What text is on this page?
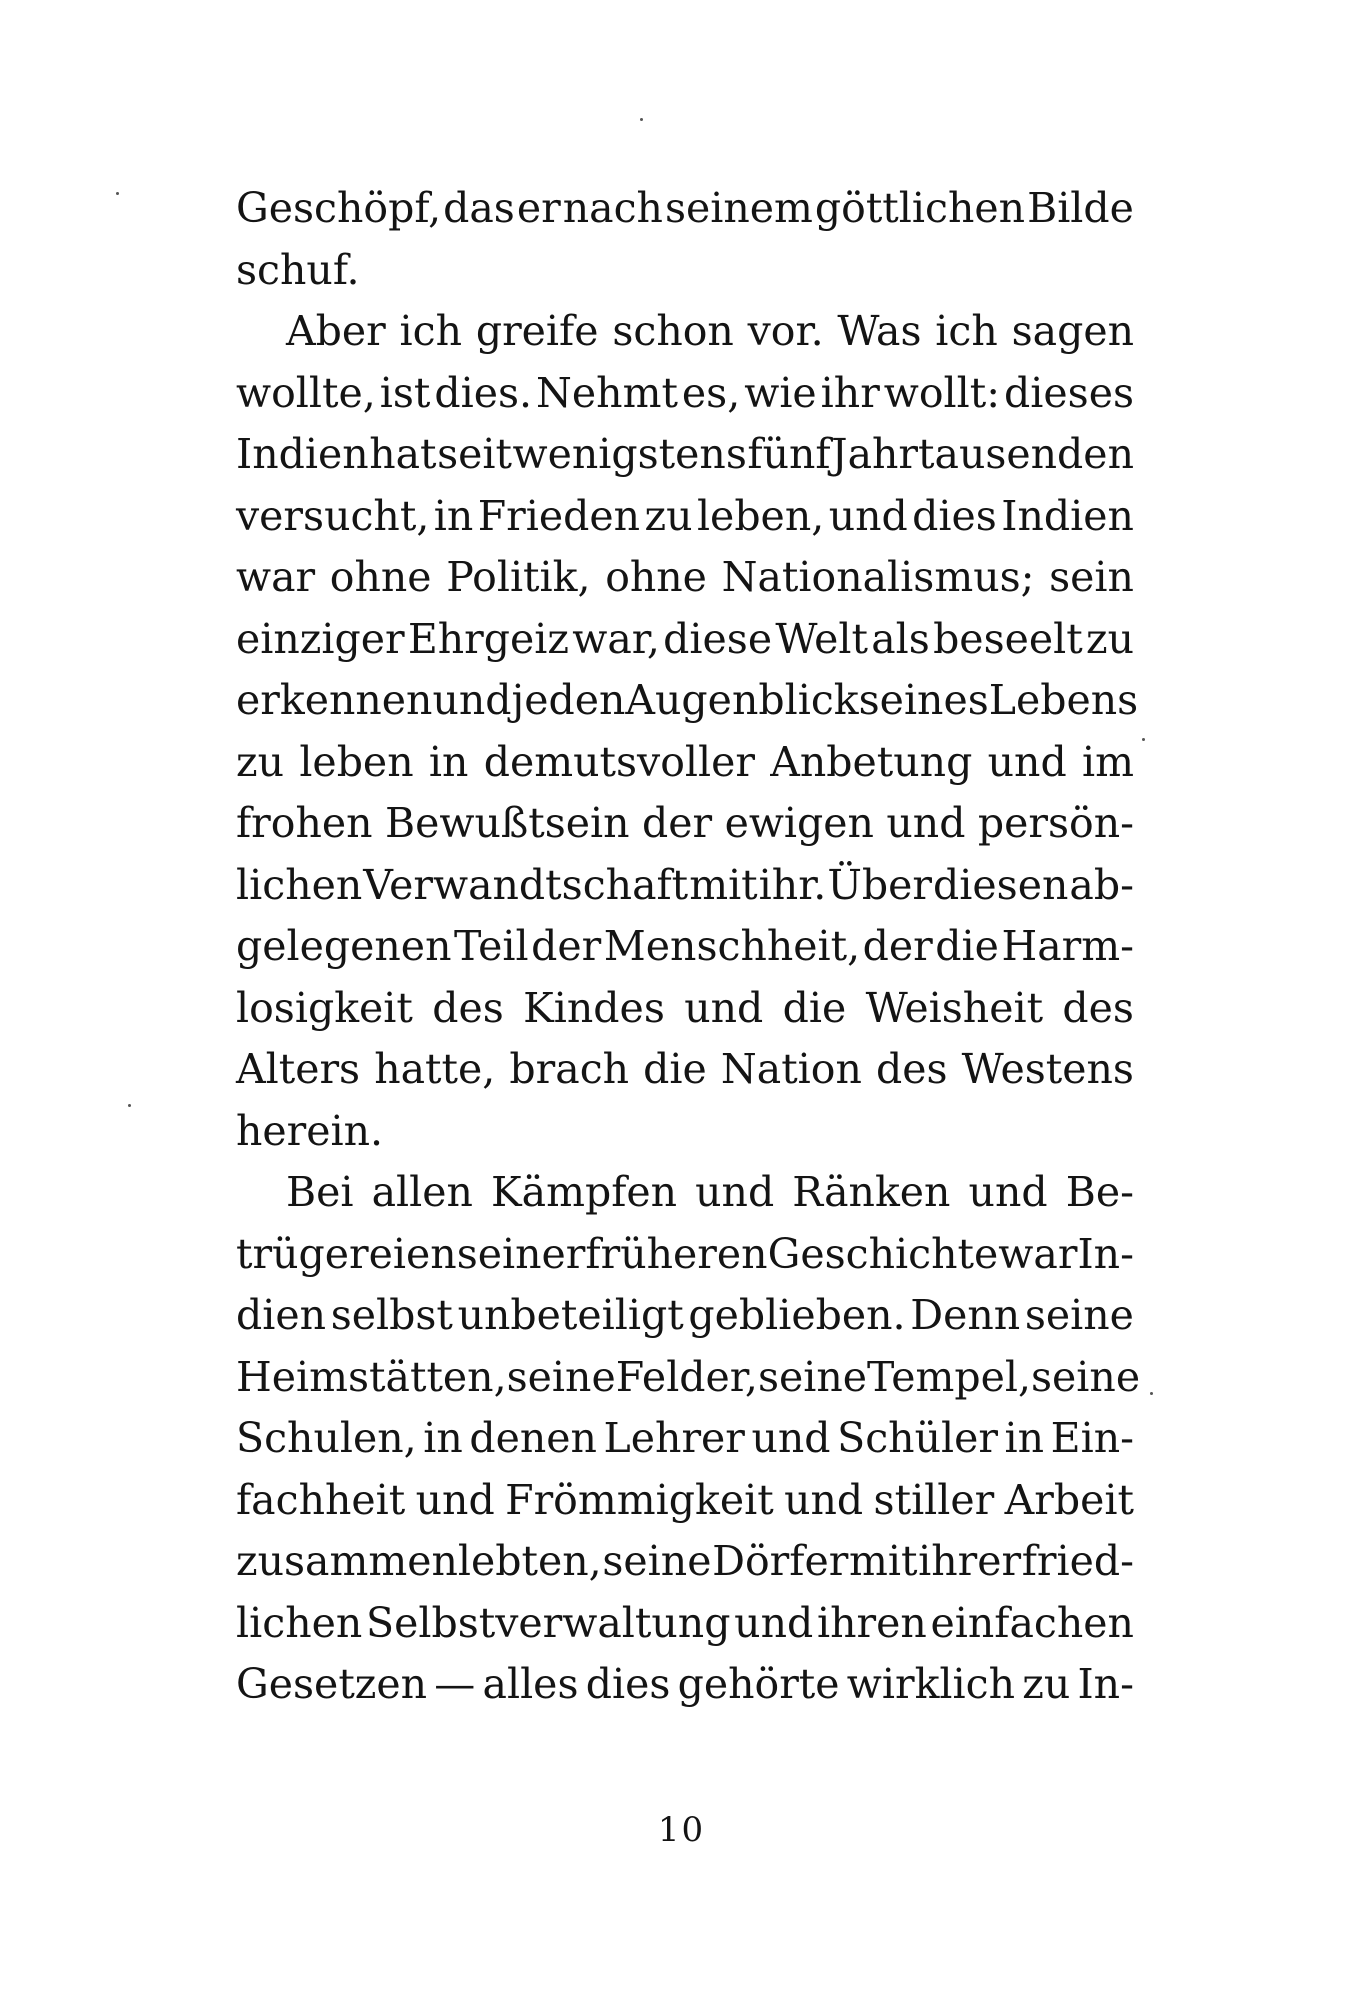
Geschöpf, das er nach seinem göttlichen Bilde
schuf.
Aber ich greife schon vor. Was ich sagen
wollte, ist dies. Nehmt es, wie ihr wollt: dieses
Indien hat seit wenigstens fünf Jahrtausenden
versucht, in Frieden zu leben, und dies Indien
war ohne Politik, ohne Nationalismus; sein
einziger Ehrgeiz war, diese Welt als beseelt zu
erkennen und jeden Augenblick seines Lebens
zu leben in demutsvoller Anbetung und im
frohen Bewußtsein der ewigen und persön-
lichen Verwandtschaft mit ihr. Über diesen ab-
gelegenen Teil der Menschheit, der die Harm-
losigkeit des Kindes und die Weisheit des
Alters hatte, brach die Nation des Westens
herein.
Bei allen Kämpfen und Ränken und Be-
trügereien seiner früheren Geschichte war In-
dien selbst unbeteiligt geblieben. Denn seine
Heimstätten, seine Felder, seine Tempel, seine
Schulen, in denen Lehrer und Schüler in Ein-
fachheit und Frömmigkeit und stiller Arbeit
zusammenlebten, seine Dörfer mit ihrer fried-
lichen Selbstverwaltung und ihren einfachen
Gesetzen — alles dies gehörte wirklich zu In-
10
